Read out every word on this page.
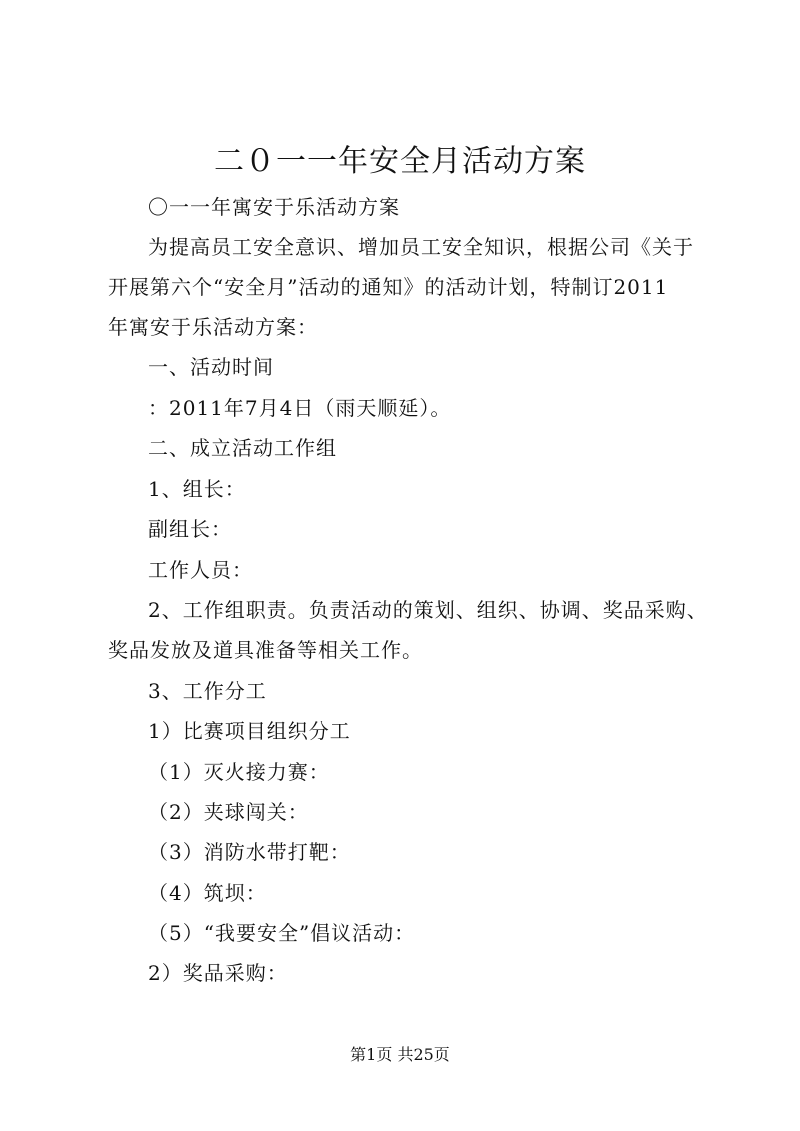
二０一一年安全月活动方案
〇一一年寓安于乐活动方案
为提高员工安全意识、增加员工安全知识，根据公司《关于
开展第六个“安全月”活动的通知》的活动计划，特制订2011
年寓安于乐活动方案：
一、活动时间
：2011年7月4日（雨天顺延）。
二、成立活动工作组
1、组长：
副组长：
工作人员：
2、工作组职责。负责活动的策划、组织、协调、奖品采购、
奖品发放及道具准备等相关工作。
3、工作分工
1）比赛项目组织分工
（1）灭火接力赛：
（2）夹球闯关：
（3）消防水带打靶：
（4）筑坝：
（5）“我要安全”倡议活动：
2）奖品采购：
第1页 共25页
